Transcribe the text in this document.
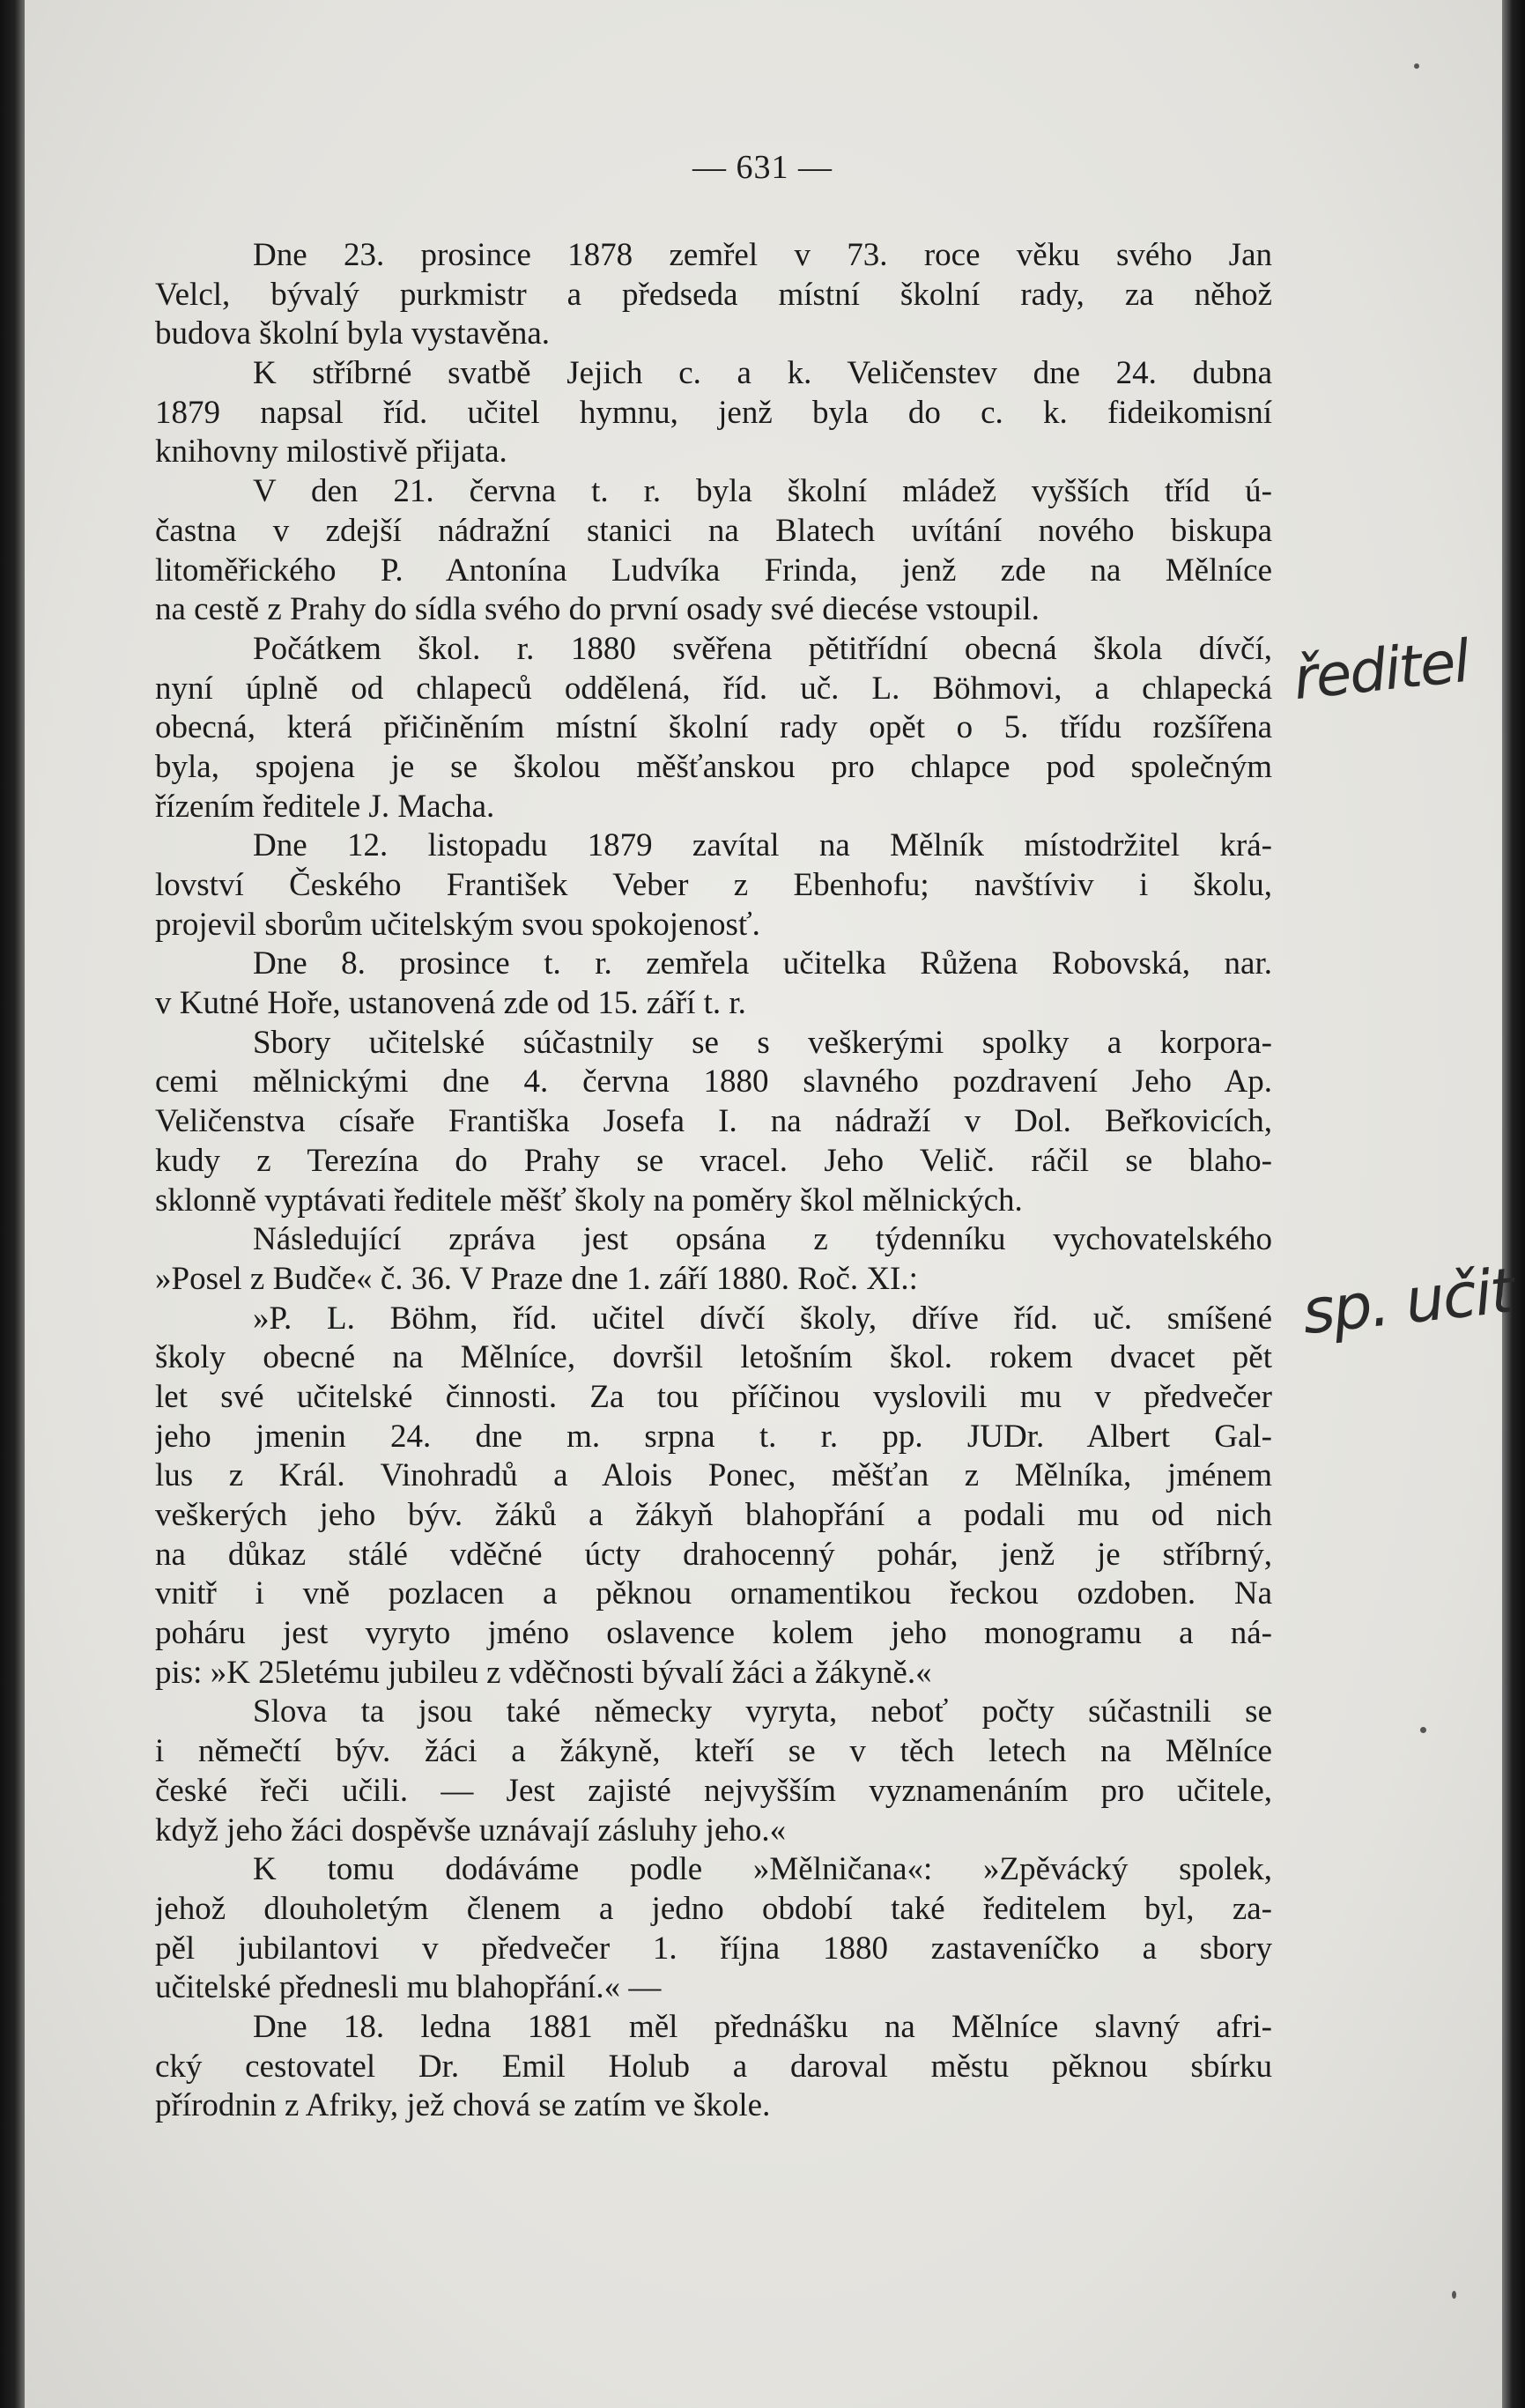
— 631 —
Dne 23. prosince 1878 zemřel v 73. roce věku svého Jan
Velcl, bývalý purkmistr a předseda místní školní rady, za něhož
budova školní byla vystavěna.
K stříbrné svatbě Jejich c. a k. Veličenstev dne 24. dubna
1879 napsal říd. učitel hymnu, jenž byla do c. k. fideikomisní
knihovny milostivě přijata.
V den 21. června t. r. byla školní mládež vyšších tříd ú-
častna v zdejší nádražní stanici na Blatech uvítání nového biskupa
litoměřického P. Antonína Ludvíka Frinda, jenž zde na Mělníce
na cestě z Prahy do sídla svého do první osady své diecése vstoupil.
Počátkem škol. r. 1880 svěřena pětitřídní obecná škola dívčí,
nyní úplně od chlapeců oddělená, říd. uč. L. Böhmovi, a chlapecká
obecná, která přičiněním místní školní rady opět o 5. třídu rozšířena
byla, spojena je se školou měšťanskou pro chlapce pod společným
řízením ředitele J. Macha.
Dne 12. listopadu 1879 zavítal na Mělník místodržitel krá-
lovství Českého František Veber z Ebenhofu; navštíviv i školu,
projevil sborům učitelským svou spokojenosť.
Dne 8. prosince t. r. zemřela učitelka Růžena Robovská, nar.
v Kutné Hoře, ustanovená zde od 15. září t. r.
Sbory učitelské súčastnily se s veškerými spolky a korpora-
cemi mělnickými dne 4. června 1880 slavného pozdravení Jeho Ap.
Veličenstva císaře Františka Josefa I. na nádraží v Dol. Beřkovicích,
kudy z Terezína do Prahy se vracel. Jeho Velič. ráčil se blaho-
sklonně vyptávati ředitele měšť školy na poměry škol mělnických.
Následující zpráva jest opsána z týdenníku vychovatelského
»Posel z Budče« č. 36. V Praze dne 1. září 1880. Roč. XI.:
»P. L. Böhm, říd. učitel dívčí školy, dříve říd. uč. smíšené
školy obecné na Mělníce, dovršil letošním škol. rokem dvacet pět
let své učitelské činnosti. Za tou příčinou vyslovili mu v předvečer
jeho jmenin 24. dne m. srpna t. r. pp. JUDr. Albert Gal-
lus z Král. Vinohradů a Alois Ponec, měšťan z Mělníka, jménem
veškerých jeho býv. žáků a žákyň blahopřání a podali mu od nich
na důkaz stálé vděčné úcty drahocenný pohár, jenž je stříbrný,
vnitř i vně pozlacen a pěknou ornamentikou řeckou ozdoben. Na
poháru jest vyryto jméno oslavence kolem jeho monogramu a ná-
pis: »K 25letému jubileu z vděčnosti bývalí žáci a žákyně.«
Slova ta jsou také německy vyryta, neboť počty súčastnili se
i němečtí býv. žáci a žákyně, kteří se v těch letech na Mělníce
české řeči učili. — Jest zajisté nejvyšším vyznamenáním pro učitele,
když jeho žáci dospěvše uznávají zásluhy jeho.«
K tomu dodáváme podle »Mělničana«: »Zpěvácký spolek,
jehož dlouholetým členem a jedno období také ředitelem byl, za-
pěl jubilantovi v předvečer 1. října 1880 zastaveníčko a sbory
učitelské přednesli mu blahopřání.« —
Dne 18. ledna 1881 měl přednášku na Mělníce slavný afri-
cký cestovatel Dr. Emil Holub a daroval městu pěknou sbírku
přírodnin z Afriky, jež chová se zatím ve škole.
ředitel
sp. učit
